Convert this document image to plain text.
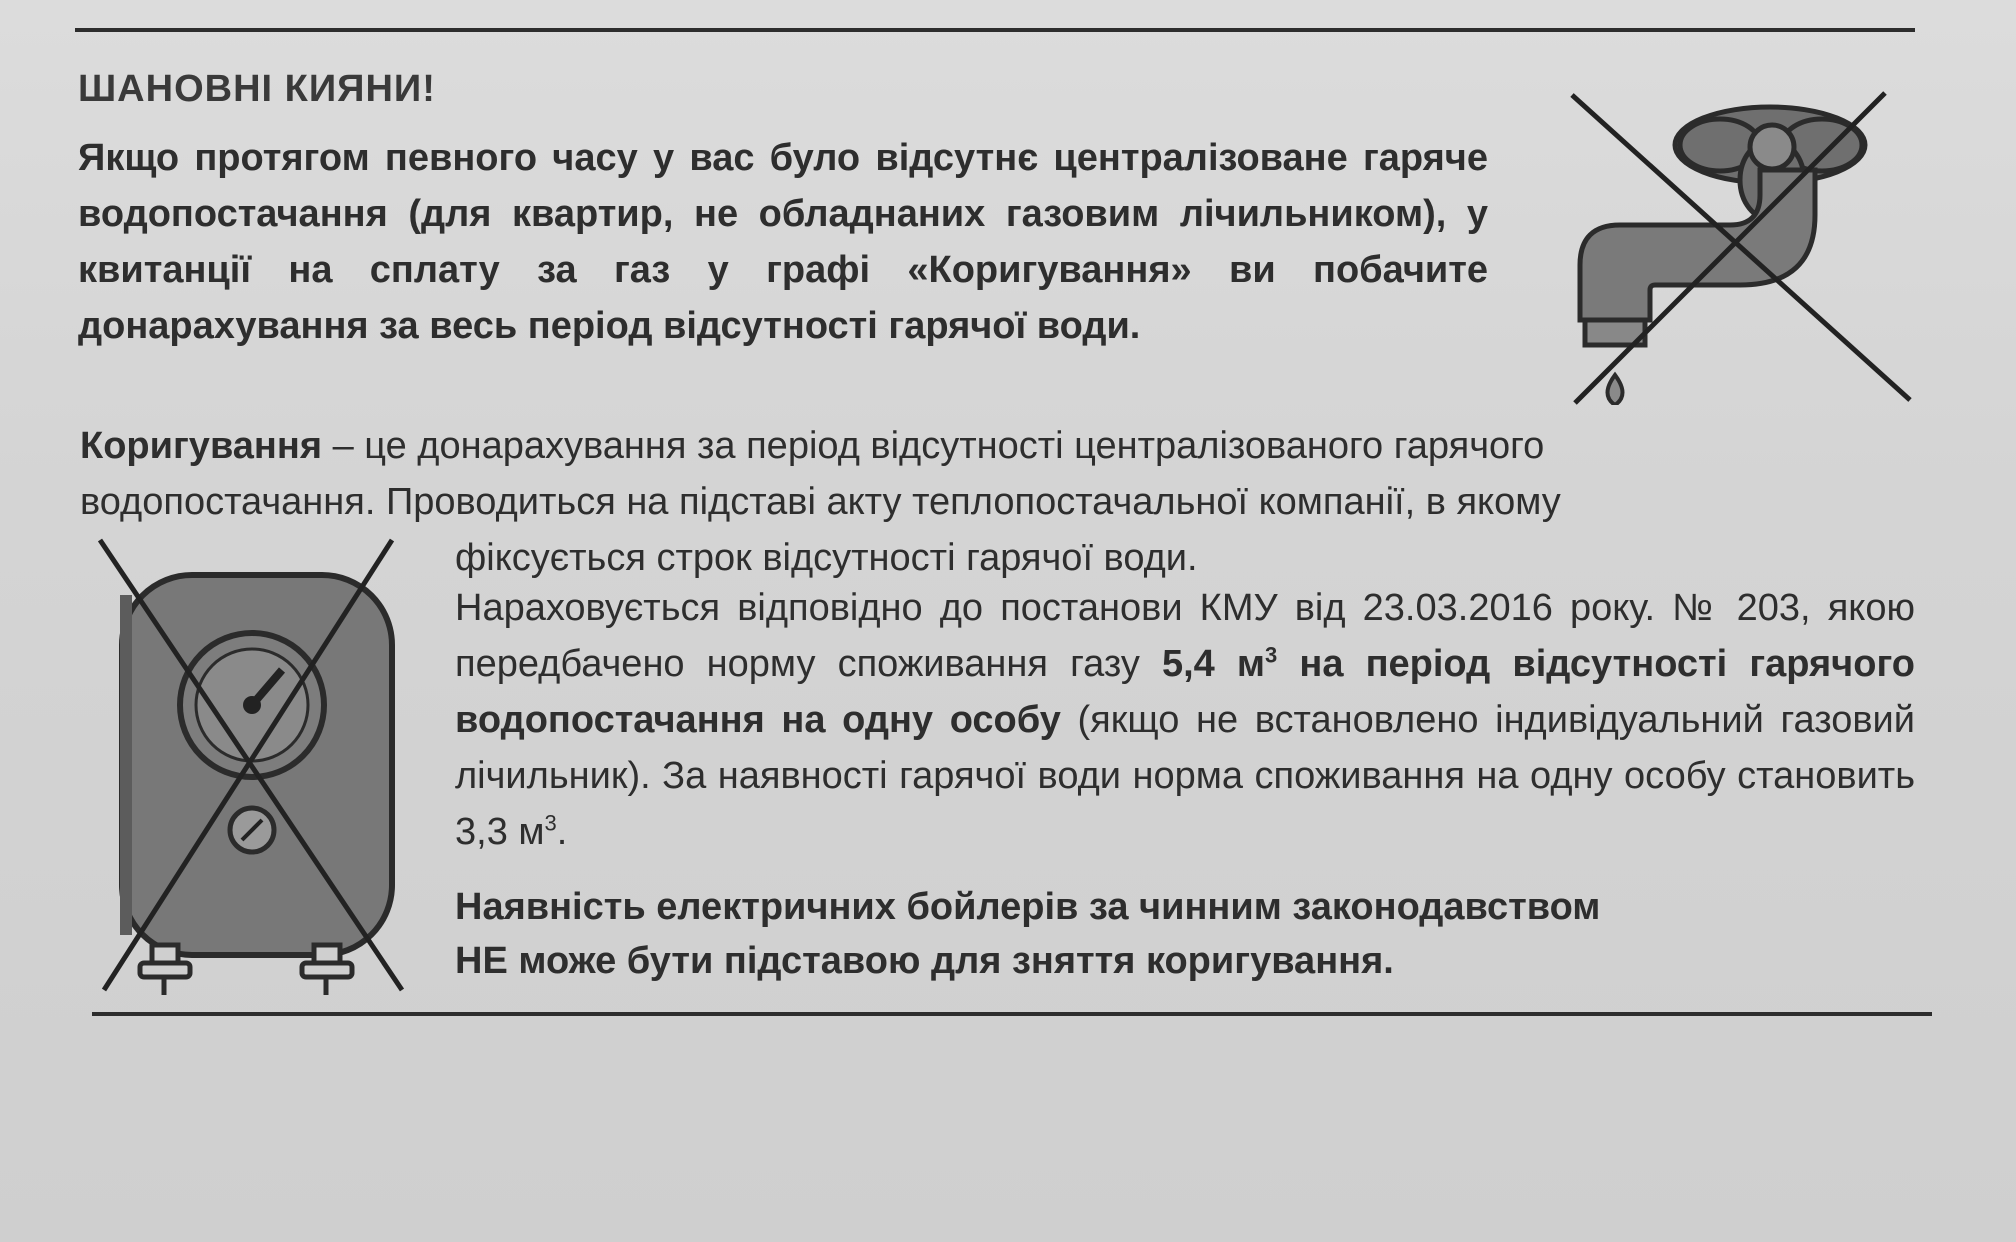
ШАНОВНІ КИЯНИ!

Якщо протягом певного часу у вас було відсутнє централізоване гаряче водопостачання (для квартир, не обладнаних газовим лічильником), у квитанції на сплату за газ у графі «Коригування» ви побачите донарахування за весь період відсутності гарячої води.

Коригування – це донарахування за період відсутності централізованого гарячого

водопостачання. Проводиться на підставі акту теплопостачальної компанії, в якому

фіксується строк відсутності гарячої води.

Нараховується відповідно до постанови КМУ від 23.03.2016 року. № 203, якою передбачено норму споживання газу 5,4 $м^3$ на період відсутності гарячого водопостачання на одну особу (якщо не встановлено індивідуальний газовий лічильник). За наявності гарячої води норма споживання на одну особу становить 3,3 $м^3$.

Наявність електричних бойлерів за чинним законодавством
НЕ може бути підставою для зняття коригування.
